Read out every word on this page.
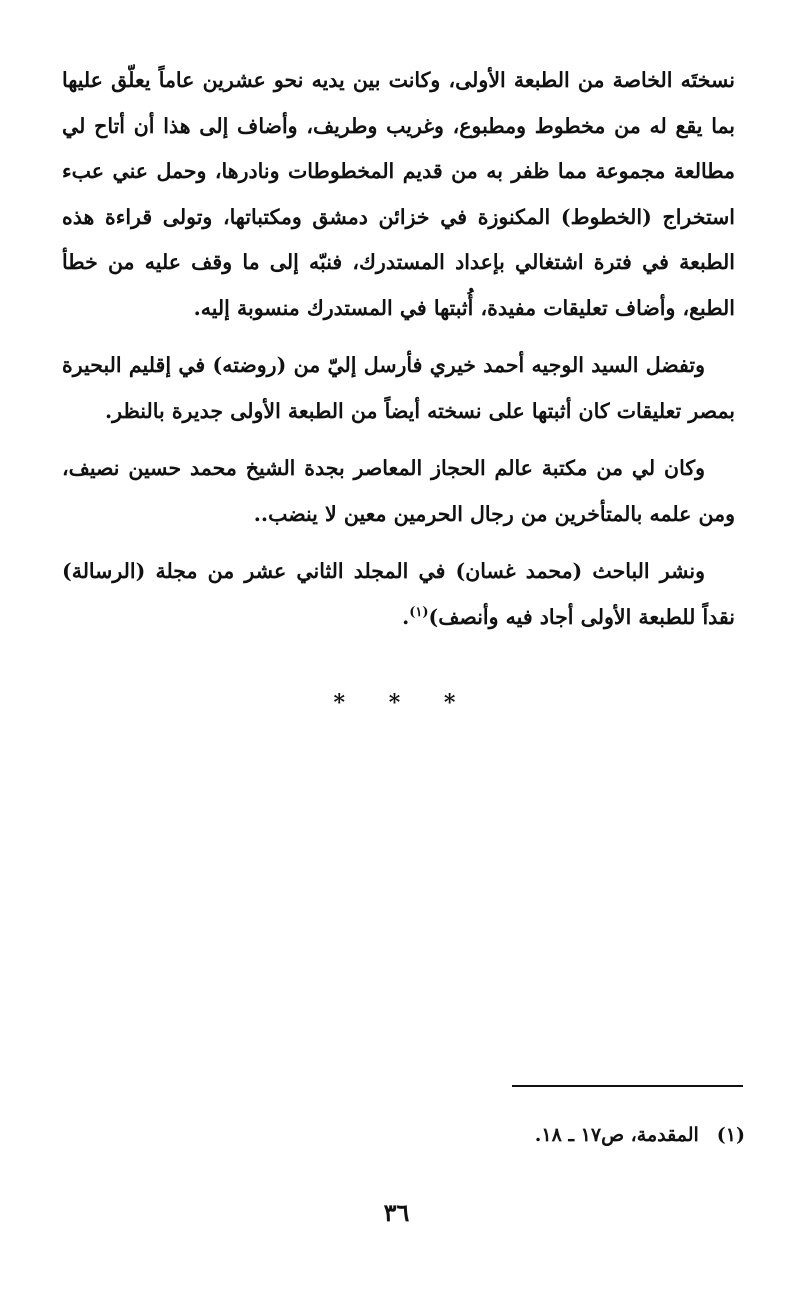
نسختَه الخاصة من الطبعة الأولى، وكانت بين يديه نحو عشرين عاماً يعلّق عليها بما يقع له من مخطوط ومطبوع، وغريب وطريف، وأضاف إلى هذا أن أتاح لي مطالعة مجموعة مما ظفر به من قديم المخطوطات ونادرها، وحمل عني عبء استخراج (الخطوط) المكنوزة في خزائن دمشق ومكتباتها، وتولى قراءة هذه الطبعة في فترة اشتغالي بإعداد المستدرك، فنبّه إلى ما وقف عليه من خطأ الطبع، وأضاف تعليقات مفيدة، أُثبتها في المستدرك منسوبة إليه.

وتفضل السيد الوجيه أحمد خيري فأرسل إليّ من (روضته) في إقليم البحيرة بمصر تعليقات كان أثبتها على نسخته أيضاً من الطبعة الأولى جديرة بالنظر.

وكان لي من مكتبة عالم الحجاز المعاصر بجدة الشيخ محمد حسين نصيف، ومن علمه بالمتأخرين من رجال الحرمين معين لا ينضب..

ونشر الباحث (محمد غسان) في المجلد الثاني عشر من مجلة (الرسالة) نقداً للطبعة الأولى أجاد فيه وأنصف)$^{(١)}$.

* * *
(١)المقدمة، ص١٧ ـ ١٨.
٣٦
